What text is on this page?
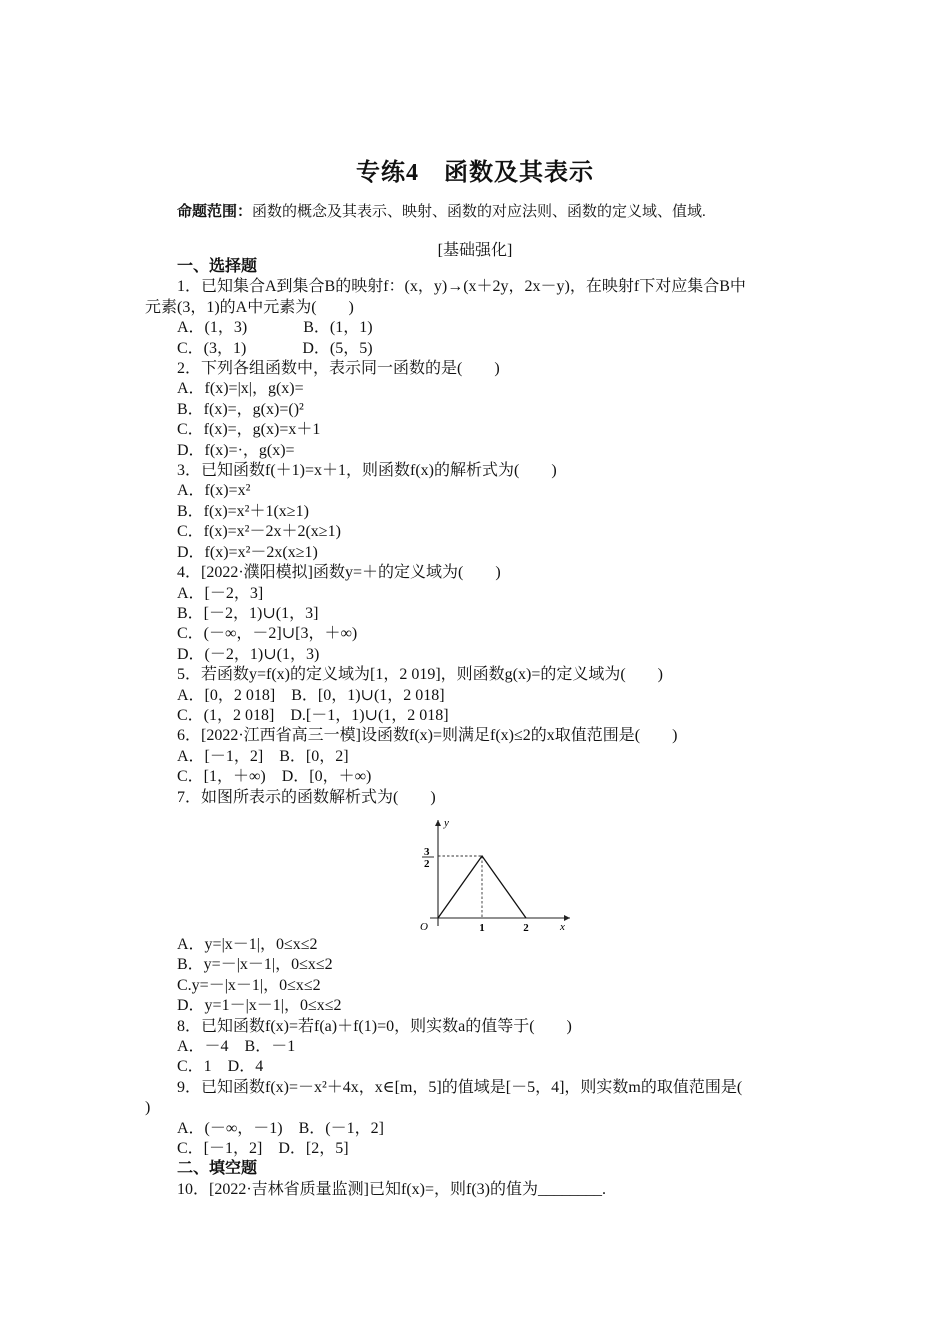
专练4　函数及其表示
命题范围：函数的概念及其表示、映射、函数的对应法则、函数的定义域、值域.
[基础强化]
一、选择题
1．已知集合A到集合B的映射f：(x，y)→(x＋2y，2x－y)，在映射f下对应集合B中
元素(3，1)的A中元素为(　　)
A．(1，3)	B．(1，1)
C．(3，1)	D．(5，5)
2．下列各组函数中，表示同一函数的是(　　)
A．f(x)=|x|，g(x)=
B．f(x)=，g(x)=()²
C．f(x)=，g(x)=x＋1
D．f(x)=·，g(x)=
3．已知函数f(＋1)=x＋1，则函数f(x)的解析式为(　　)
A．f(x)=x²
B．f(x)=x²＋1(x≥1)
C．f(x)=x²－2x＋2(x≥1)
D．f(x)=x²－2x(x≥1)
4．[2022·濮阳模拟]函数y=＋的定义域为(　　)
A．[－2，3]
B．[－2，1)∪(1，3]
C．(－∞，－2]∪[3，＋∞)
D．(－2，1)∪(1，3)
5．若函数y=f(x)的定义域为[1，2 019]，则函数g(x)=的定义域为(　　)
A．[0，2 018]　B．[0，1)∪(1，2 018]
C．(1，2 018]　D.[－1，1)∪(1，2 018]
6．[2022·江西省高三一模]设函数f(x)=则满足f(x)≤2的x取值范围是(　　)
A．[－1，2]　B．[0，2]
C．[1，＋∞)　D．[0，＋∞)
7．如图所表示的函数解析式为(　　)
y
x
O
3
2
1	2
A．y=|x－1|，0≤x≤2
B．y=－|x－1|，0≤x≤2
C.y=－|x－1|，0≤x≤2
D．y=1－|x－1|，0≤x≤2
8．已知函数f(x)=若f(a)＋f(1)=0，则实数a的值等于(　　)
A．－4　B．－1
C．1　D．4
9．已知函数f(x)=－x²＋4x，x∈[m，5]的值域是[－5，4]，则实数m的取值范围是(
)
A．(－∞，－1)　B．(－1，2]
C．[－1，2]　D．[2，5]
二、填空题
10．[2022·吉林省质量监测]已知f(x)=，则f(3)的值为________.
